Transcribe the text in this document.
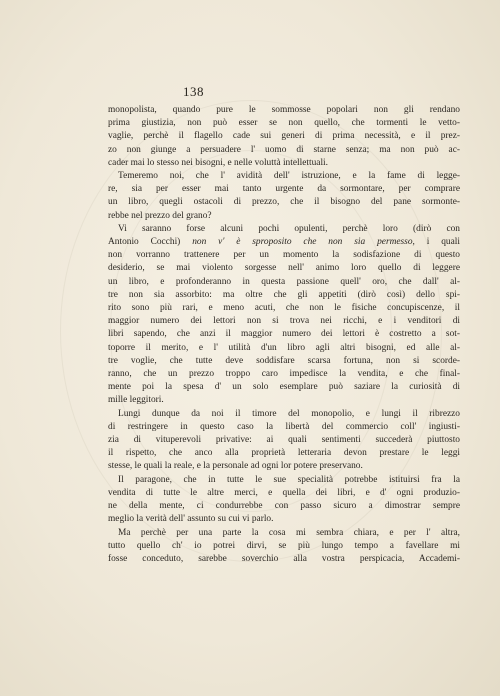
138

monopolista, quando pure le sommosse popolari non gli rendano
prima giustizia, non può esser se non quello, che tormenti le vetto-
vaglie, perchè il flagello cade sui generi di prima necessità, e il prez-
zo non giunge a persuadere l' uomo di starne senza; ma non può ac-
cader mai lo stesso nei bisogni, e nelle voluttà intellettuali.

Temeremo noi, che l' avidità dell' istruzione, e la fame di legge-
re, sia per esser mai tanto urgente da sormontare, per comprare
un libro, quegli ostacoli di prezzo, che il bisogno del pane sormonte-
rebbe nel prezzo del grano?

Vi saranno forse alcuni pochi opulenti, perchè loro (dirò con
Antonio Cocchi) non v' è sproposito che non sia permesso, i quali
non vorranno trattenere per un momento la sodisfazione di questo
desiderio, se mai violento sorgesse nell' animo loro quello di leggere
un libro, e profonderanno in questa passione quell' oro, che dall' al-
tre non sia assorbito: ma oltre che gli appetiti (dirò così) dello spi-
rito sono più rari, e meno acuti, che non le fisiche concupiscenze, il
maggior numero dei lettori non si trova nei ricchi, e i venditori di
libri sapendo, che anzi il maggior numero dei lettori è costretto a sot-
toporre il merito, e l' utilità d'un libro agli altri bisogni, ed alle al-
tre voglie, che tutte deve soddisfare scarsa fortuna, non si scorde-
ranno, che un prezzo troppo caro impedisce la vendita, e che final-
mente poi la spesa d' un solo esemplare può saziare la curiosità di
mille leggitori.

Lungi dunque da noi il timore del monopolio, e lungi il ribrezzo
di restringere in questo caso la libertà del commercio coll' ingiusti-
zia di vituperevoli privative: ai quali sentimenti succederà piuttosto
il rispetto, che anco alla proprietà letteraria devon prestare le leggi
stesse, le quali la reale, e la personale ad ogni lor potere preservano.

Il paragone, che in tutte le sue specialità potrebbe istituirsi fra la
vendita di tutte le altre merci, e quella dei libri, e d' ogni produzio-
ne della mente, ci condurrebbe con passo sicuro a dimostrar sempre
meglio la verità dell' assunto su cui vi parlo.

Ma perchè per una parte la cosa mi sembra chiara, e per l' altra,
tutto quello ch' io potrei dirvi, se più lungo tempo a favellare mi
fosse conceduto, sarebbe soverchio alla vostra perspicacia, Accademi-
